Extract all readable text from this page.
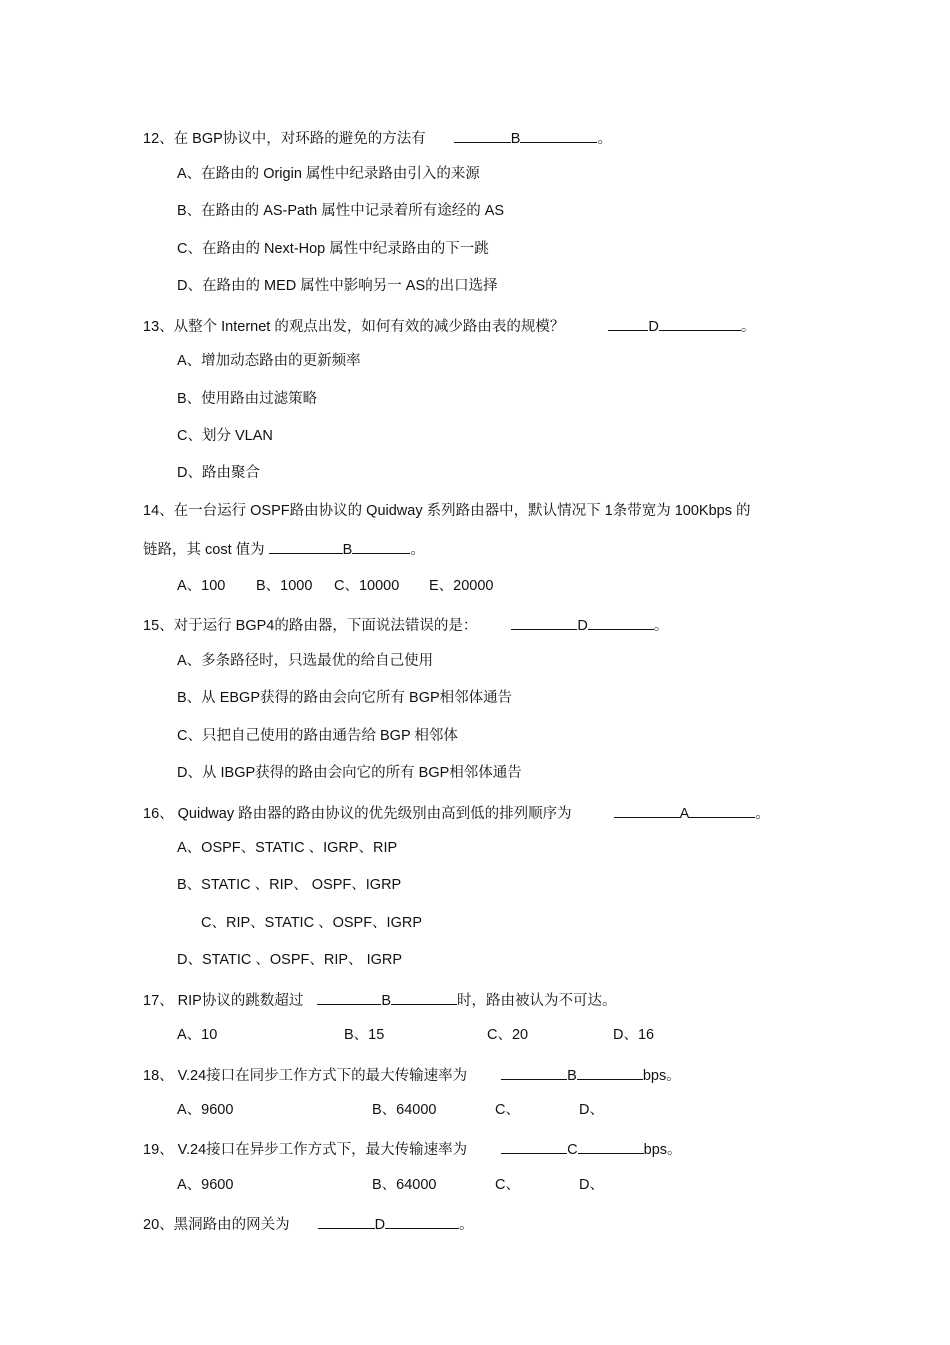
12、在 BGP协议中，对环路的避免的方法有	B	。
A、在路由的 Origin 属性中纪录路由引入的来源
B、在路由的 AS-Path 属性中记录着所有途经的 AS
C、在路由的 Next-Hop 属性中纪录路由的下一跳
D、在路由的 MED 属性中影响另一 AS的出口选择
13、从整个 Internet 的观点出发，如何有效的减少路由表的规模？	D	。
A、增加动态路由的更新频率
B、使用路由过滤策略
C、划分 VLAN
D、路由聚合
14、在一台运行 OSPF路由协议的 Quidway 系列路由器中，默认情况下 1条带宽为 100Kbps 的
链路，其 cost 值为	B	。
A、100 B、1000 C、10000 E、20000
15、对于运行 BGP4的路由器，下面说法错误的是：	D	。
A、多条路径时，只选最优的给自己使用
B、从 EBGP获得的路由会向它所有 BGP相邻体通告
C、只把自己使用的路由通告给 BGP 相邻体
D、从 IBGP获得的路由会向它的所有 BGP相邻体通告
16、 Quidway 路由器的路由协议的优先级别由高到低的排列顺序为	A	。
A、OSPF、STATIC 、IGRP、RIP
B、STATIC 、RIP、 OSPF、IGRP
C、RIP、STATIC 、OSPF、IGRP
D、STATIC 、OSPF、RIP、 IGRP
17、 RIP协议的跳数超过	B	时，路由被认为不可达。
A、10	B、15	C、20	D、16
18、 V.24接口在同步工作方式下的最大传输速率为	B	bps。
A、9600	B、64000	C、	D、
19、 V.24接口在异步工作方式下，最大传输速率为	C	bps。
A、9600	B、64000	C、	D、
20、黑洞路由的网关为	D	。
